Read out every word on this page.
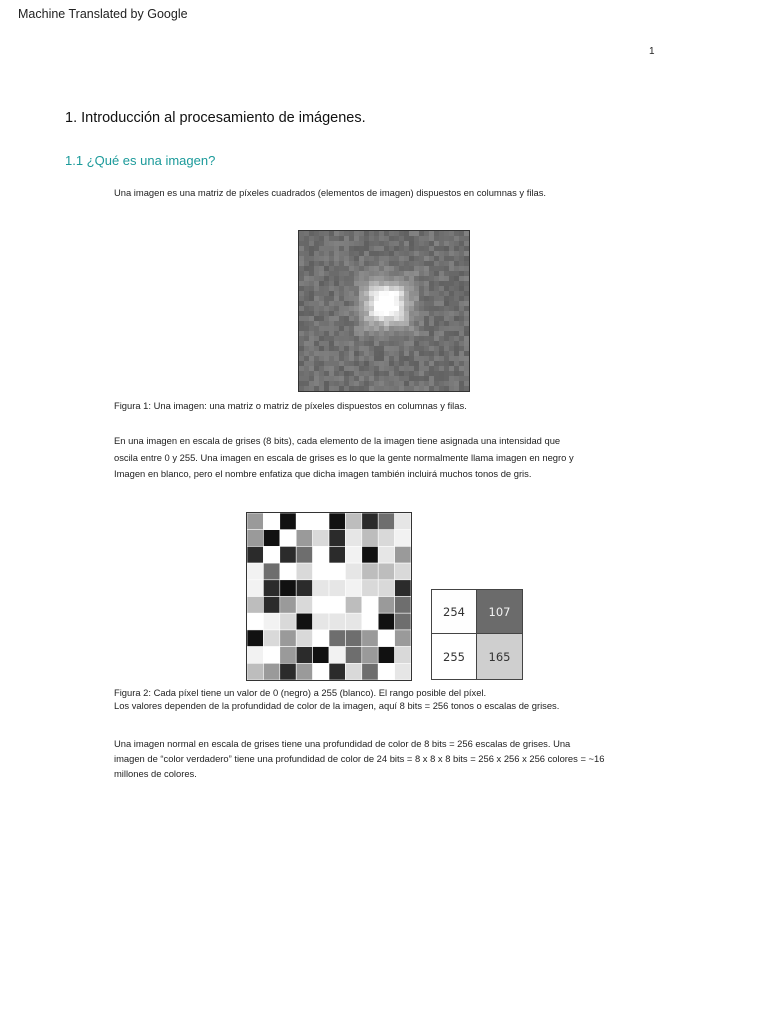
Machine Translated by Google
1
1. Introducción al procesamiento de imágenes.
1.1 ¿Qué es una imagen?
Una imagen es una matriz de píxeles cuadrados (elementos de imagen) dispuestos en columnas y filas.
Figura 1: Una imagen: una matriz o matriz de píxeles dispuestos en columnas y filas.
En una imagen en escala de grises (8 bits), cada elemento de la imagen tiene asignada una intensidad que
oscila entre 0 y 255. Una imagen en escala de grises es lo que la gente normalmente llama imagen en negro y
Imagen en blanco, pero el nombre enfatiza que dicha imagen también incluirá muchos tonos de gris.
254	107
255	165
Figura 2: Cada píxel tiene un valor de 0 (negro) a 255 (blanco). El rango posible del píxel.
Los valores dependen de la profundidad de color de la imagen, aquí 8 bits = 256 tonos o escalas de grises.
Una imagen normal en escala de grises tiene una profundidad de color de 8 bits = 256 escalas de grises. Una
imagen de “color verdadero” tiene una profundidad de color de 24 bits = 8 x 8 x 8 bits = 256 x 256 x 256 colores = ~16
millones de colores.
